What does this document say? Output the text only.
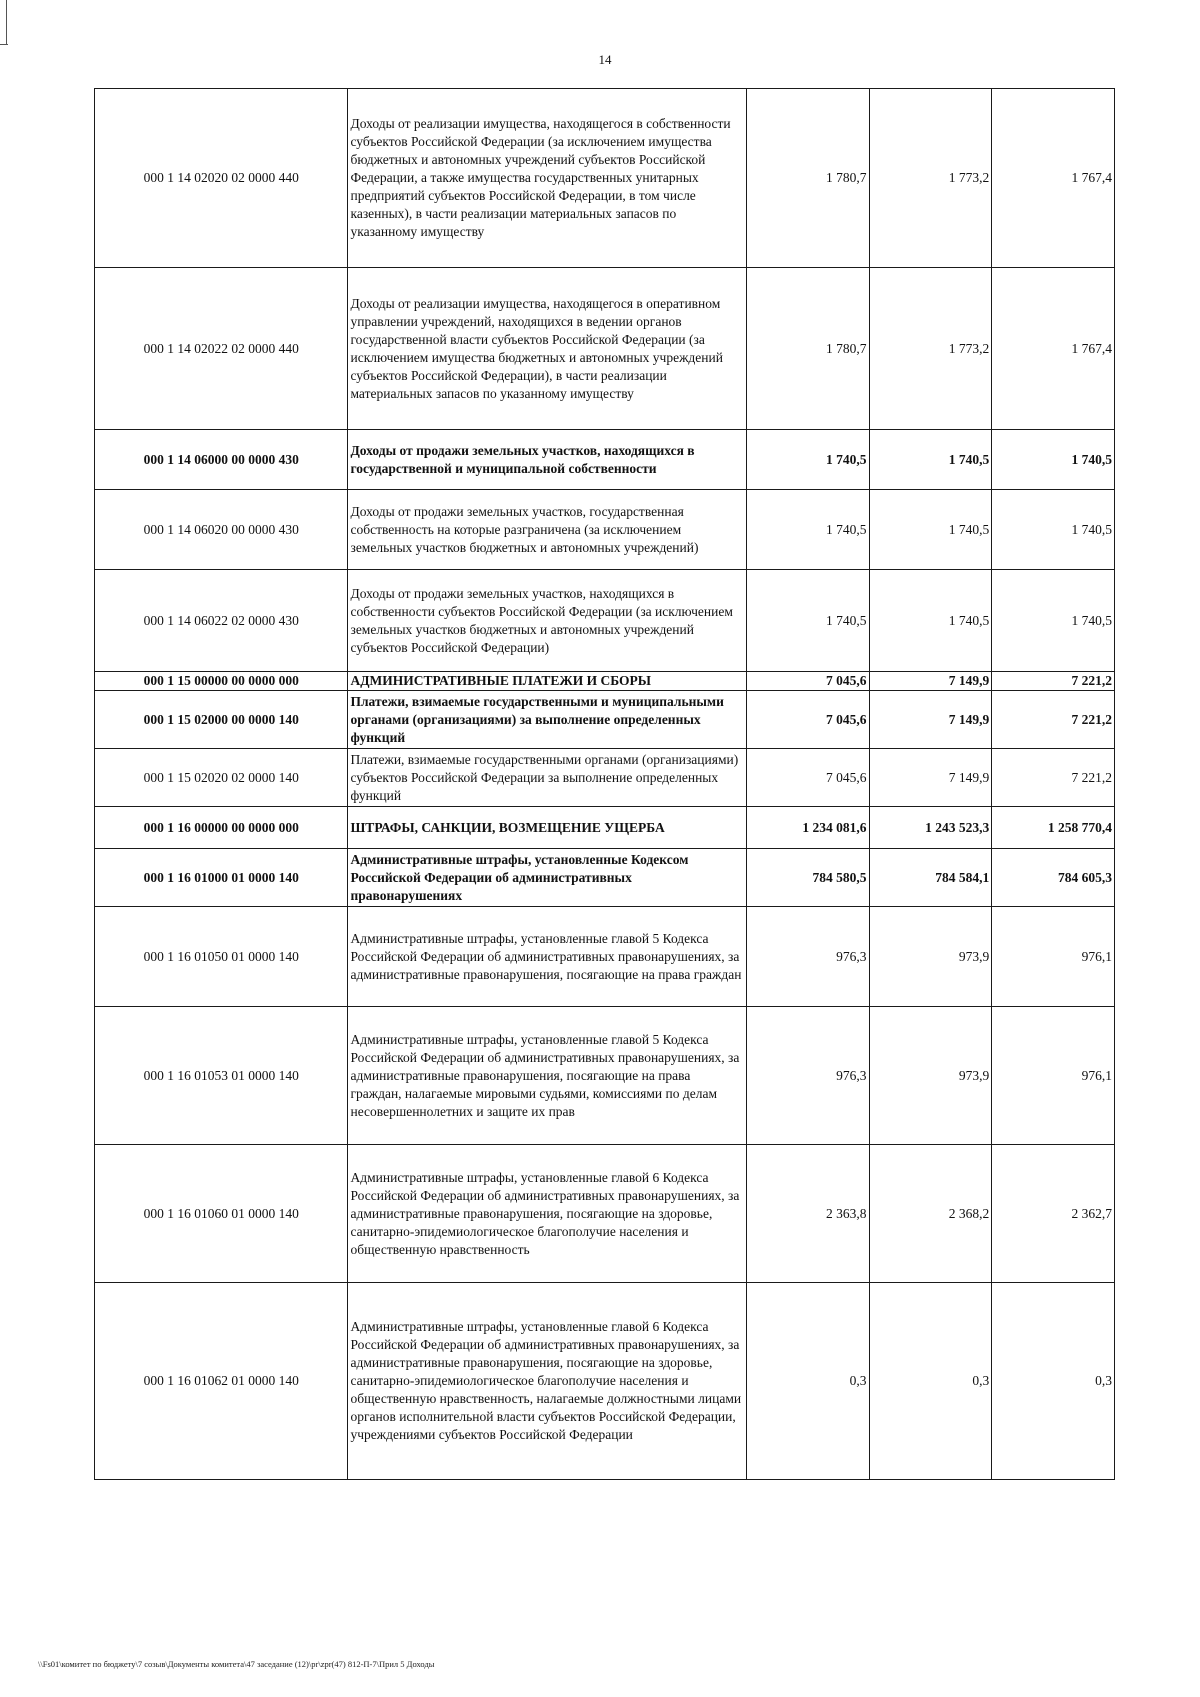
14
000 1 14 02020 02 0000 440	Доходы от реализации имущества, находящегося в собственности субъектов Российской Федерации (за исключением имущества бюджетных и автономных учреждений субъектов Российской Федерации, а также имущества государственных унитарных предприятий субъектов Российской Федерации, в том числе казенных), в части реализации материальных запасов по указанному имуществу	1 780,7	1 773,2	1 767,4
000 1 14 02022 02 0000 440	Доходы от реализации имущества, находящегося в оперативном управлении учреждений, находящихся в ведении органов государственной власти субъектов Российской Федерации (за исключением имущества бюджетных и автономных учреждений субъектов Российской Федерации), в части реализации материальных запасов по указанному имуществу	1 780,7	1 773,2	1 767,4
000 1 14 06000 00 0000 430	Доходы от продажи земельных участков, находящихся в государственной и муниципальной собственности	1 740,5	1 740,5	1 740,5
000 1 14 06020 00 0000 430	Доходы от продажи земельных участков, государственная собственность на которые разграничена (за исключением земельных участков бюджетных и автономных учреждений)	1 740,5	1 740,5	1 740,5
000 1 14 06022 02 0000 430	Доходы от продажи земельных участков, находящихся в собственности субъектов Российской Федерации (за исключением земельных участков бюджетных и автономных учреждений субъектов Российской Федерации)	1 740,5	1 740,5	1 740,5
000 1 15 00000 00 0000 000	АДМИНИСТРАТИВНЫЕ ПЛАТЕЖИ И СБОРЫ	7 045,6	7 149,9	7 221,2
000 1 15 02000 00 0000 140	Платежи, взимаемые государственными и муниципальными органами (организациями) за выполнение определенных функций	7 045,6	7 149,9	7 221,2
000 1 15 02020 02 0000 140	Платежи, взимаемые государственными органами (организациями) субъектов Российской Федерации за выполнение определенных функций	7 045,6	7 149,9	7 221,2
000 1 16 00000 00 0000 000	ШТРАФЫ, САНКЦИИ, ВОЗМЕЩЕНИЕ УЩЕРБА	1 234 081,6	1 243 523,3	1 258 770,4
000 1 16 01000 01 0000 140	Административные штрафы, установленные Кодексом Российской Федерации об административных правонарушениях	784 580,5	784 584,1	784 605,3
000 1 16 01050 01 0000 140	Административные штрафы, установленные главой 5 Кодекса Российской Федерации об административных правонарушениях, за административные правонарушения, посягающие на права граждан	976,3	973,9	976,1
000 1 16 01053 01 0000 140	Административные штрафы, установленные главой 5 Кодекса Российской Федерации об административных правонарушениях, за административные правонарушения, посягающие на права граждан, налагаемые мировыми судьями, комиссиями по делам несовершеннолетних и защите их прав	976,3	973,9	976,1
000 1 16 01060 01 0000 140	Административные штрафы, установленные главой 6 Кодекса Российской Федерации об административных правонарушениях, за административные правонарушения, посягающие на здоровье, санитарно-эпидемиологическое благополучие населения и общественную нравственность	2 363,8	2 368,2	2 362,7
000 1 16 01062 01 0000 140	Административные штрафы, установленные главой 6 Кодекса Российской Федерации об административных правонарушениях, за административные правонарушения, посягающие на здоровье, санитарно-эпидемиологическое благополучие населения и общественную нравственность, налагаемые должностными лицами органов исполнительной власти субъектов Российской Федерации, учреждениями субъектов Российской Федерации	0,3	0,3	0,3
\\Fs01\комитет по бюджету\7 созыв\Документы комитета\47 заседание (12)\pr\zpr(47) 812-П-7\Прил 5 Доходы
